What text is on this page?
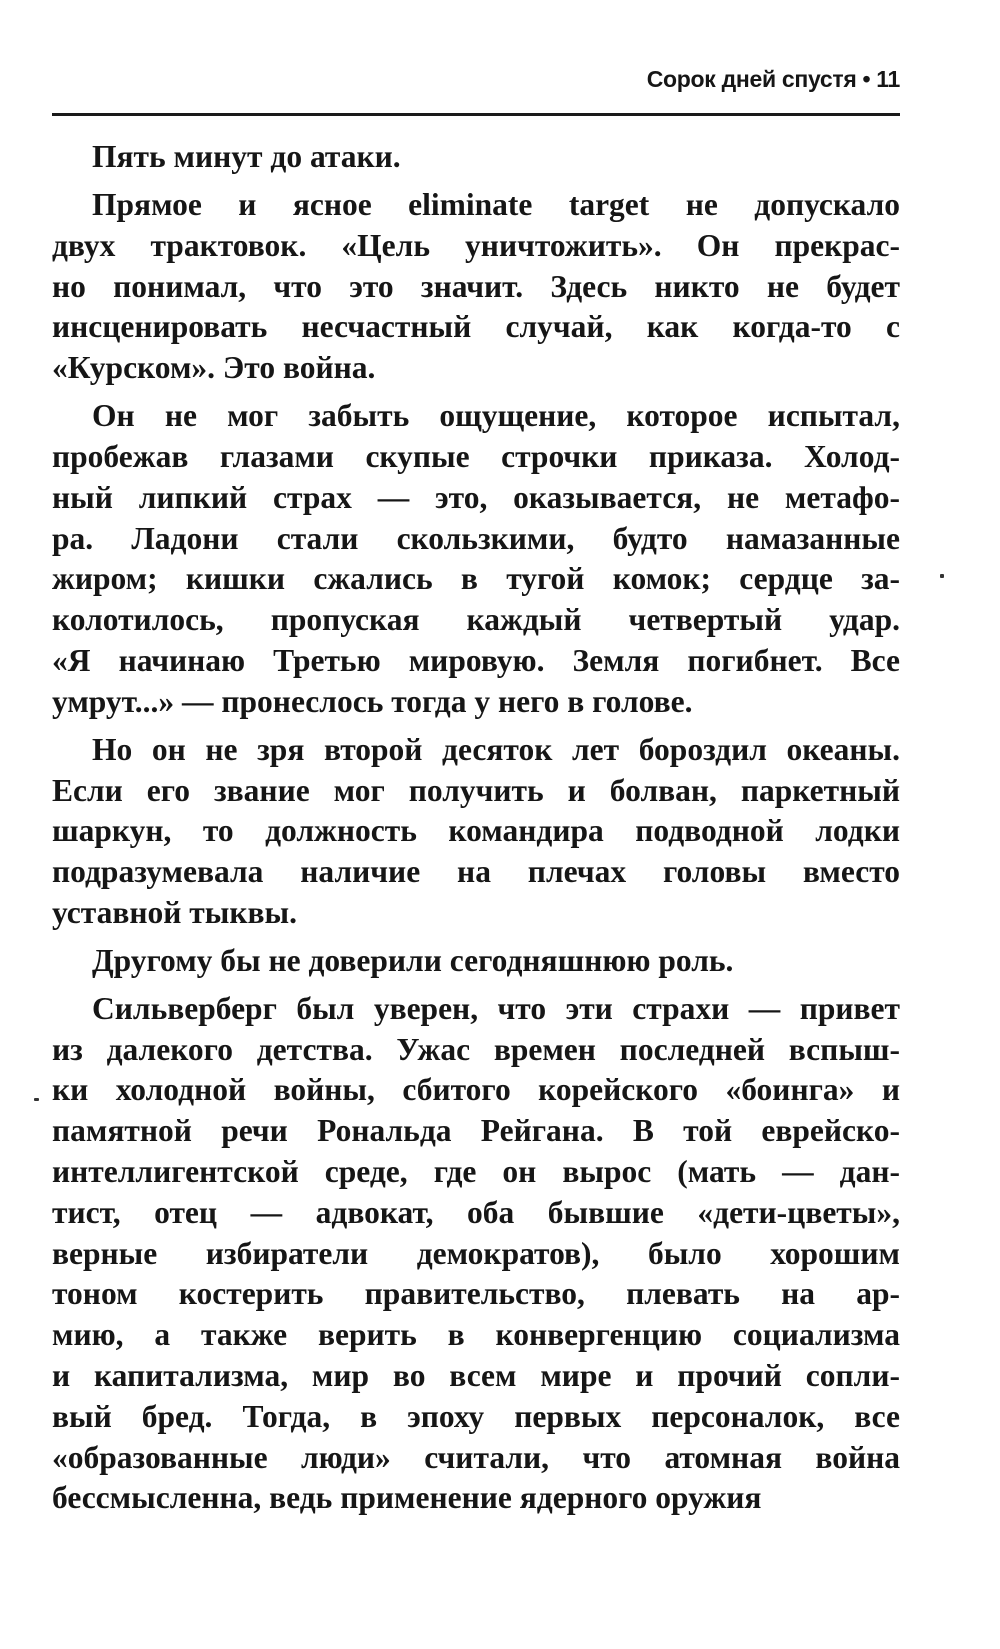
Сорок дней спустя • 11
Пять минут до атаки.
Прямое и ясное eliminate target не допускало
двух трактовок. «Цель уничтожить». Он прекрас-
но понимал, что это значит. Здесь никто не будет
инсценировать несчастный случай, как когда-то с
«Курском». Это война.
Он не мог забыть ощущение, которое испытал,
пробежав глазами скупые строчки приказа. Холод-
ный липкий страх — это, оказывается, не метафо-
ра. Ладони стали скользкими, будто намазанные
жиром; кишки сжались в тугой комок; сердце за-
колотилось, пропуская каждый четвертый удар.
«Я начинаю Третью мировую. Земля погибнет. Все
умрут...» — пронеслось тогда у него в голове.
Но он не зря второй десяток лет бороздил океаны.
Если его звание мог получить и болван, паркетный
шаркун, то должность командира подводной лодки
подразумевала наличие на плечах головы вместо
уставной тыквы.
Другому бы не доверили сегодняшнюю роль.
Сильверберг был уверен, что эти страхи — привет
из далекого детства. Ужас времен последней вспыш-
ки холодной войны, сбитого корейского «боинга» и
памятной речи Рональда Рейгана. В той еврейско-
интеллигентской среде, где он вырос (мать — дан-
тист, отец — адвокат, оба бывшие «дети-цветы»,
верные избиратели демократов), было хорошим
тоном костерить правительство, плевать на ар-
мию, а также верить в конвергенцию социализма
и капитализма, мир во всем мире и прочий сопли-
вый бред. Тогда, в эпоху первых персоналок, все
«образованные люди» считали, что атомная война
бессмысленна, ведь применение ядерного оружия
